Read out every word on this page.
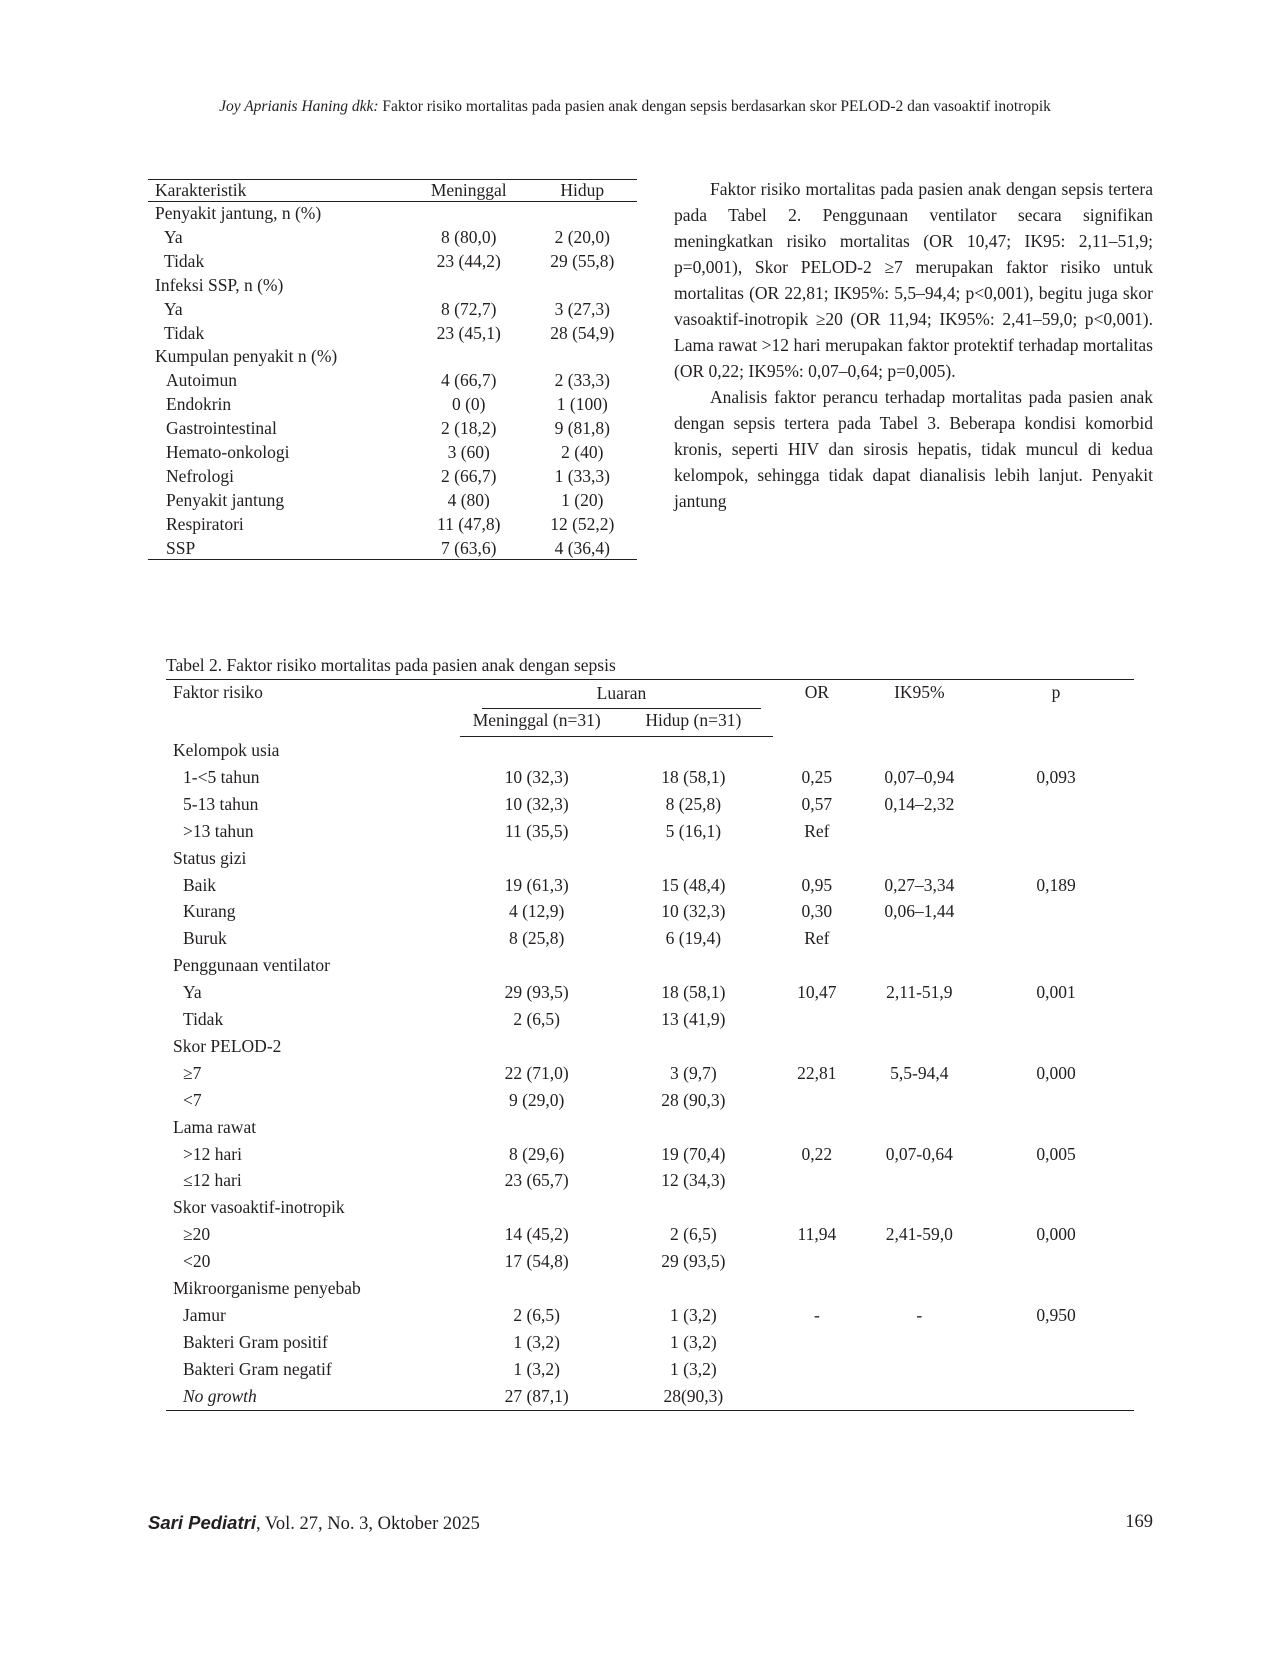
Joy Aprianis Haning dkk: Faktor risiko mortalitas pada pasien anak dengan sepsis berdasarkan skor PELOD-2 dan vasoaktif inotropik
Karakteristik	Meninggal	Hidup
Penyakit jantung, n (%)		
Ya	8 (80,0)	2 (20,0)
Tidak	23 (44,2)	29 (55,8)
Infeksi SSP, n (%)		
Ya	8 (72,7)	3 (27,3)
Tidak	23 (45,1)	28 (54,9)
Kumpulan penyakit n (%)		
Autoimun	4 (66,7)	2 (33,3)
Endokrin	0 (0)	1 (100)
Gastrointestinal	2 (18,2)	9 (81,8)
Hemato-onkologi	3 (60)	2 (40)
Nefrologi	2 (66,7)	1 (33,3)
Penyakit jantung	4 (80)	1 (20)
Respiratori	11 (47,8)	12 (52,2)
SSP	7 (63,6)	4 (36,4)

Faktor risiko mortalitas pada pasien anak dengan sepsis tertera pada Tabel 2. Penggunaan ventilator secara signifikan meningkatkan risiko mortalitas (OR 10,47; IK95: 2,11–51,9; p=0,001), Skor PELOD-2 ≥7 merupakan faktor risiko untuk mortalitas (OR 22,81; IK95%: 5,5–94,4; p<0,001), begitu juga skor vasoaktif-inotropik ≥20 (OR 11,94; IK95%: 2,41–59,0; p<0,001). Lama rawat >12 hari merupakan faktor protektif terhadap mortalitas (OR 0,22; IK95%: 0,07–0,64; p=0,005).

Analisis faktor perancu terhadap mortalitas pada pasien anak dengan sepsis tertera pada Tabel 3. Beberapa kondisi komorbid kronis, seperti HIV dan sirosis hepatis, tidak muncul di kedua kelompok, sehingga tidak dapat dianalisis lebih lanjut. Penyakit jantung

Tabel 2. Faktor risiko mortalitas pada pasien anak dengan sepsis
Faktor risiko	Luaran		OR	IK95%	p
	Meninggal (n=31)	Hidup (n=31)			
Kelompok usia					
1-<5 tahun	10 (32,3)	18 (58,1)	0,25	0,07–0,94	0,093
5-13 tahun	10 (32,3)	8 (25,8)	0,57	0,14–2,32	
>13 tahun	11 (35,5)	5 (16,1)	Ref		
Status gizi					
Baik	19 (61,3)	15 (48,4)	0,95	0,27–3,34	0,189
Kurang	4 (12,9)	10 (32,3)	0,30	0,06–1,44	
Buruk	8 (25,8)	6 (19,4)	Ref		
Penggunaan ventilator					
Ya	29 (93,5)	18 (58,1)	10,47	2,11-51,9	0,001
Tidak	2 (6,5)	13 (41,9)			
Skor PELOD-2					
≥7	22 (71,0)	3 (9,7)	22,81	5,5-94,4	0,000
<7	9 (29,0)	28 (90,3)			
Lama rawat					
>12 hari	8 (29,6)	19 (70,4)	0,22	0,07-0,64	0,005
≤12 hari	23 (65,7)	12 (34,3)			
Skor vasoaktif-inotropik					
≥20	14 (45,2)	2 (6,5)	11,94	2,41-59,0	0,000
<20	17 (54,8)	29 (93,5)			
Mikroorganisme penyebab					
Jamur	2 (6,5)	1 (3,2)	-	-	0,950
Bakteri Gram positif	1 (3,2)	1 (3,2)			
Bakteri Gram negatif	1 (3,2)	1 (3,2)			
No growth	27 (87,1)	28(90,3)			
Sari Pediatri, Vol. 27, No. 3, Oktober 2025	169
